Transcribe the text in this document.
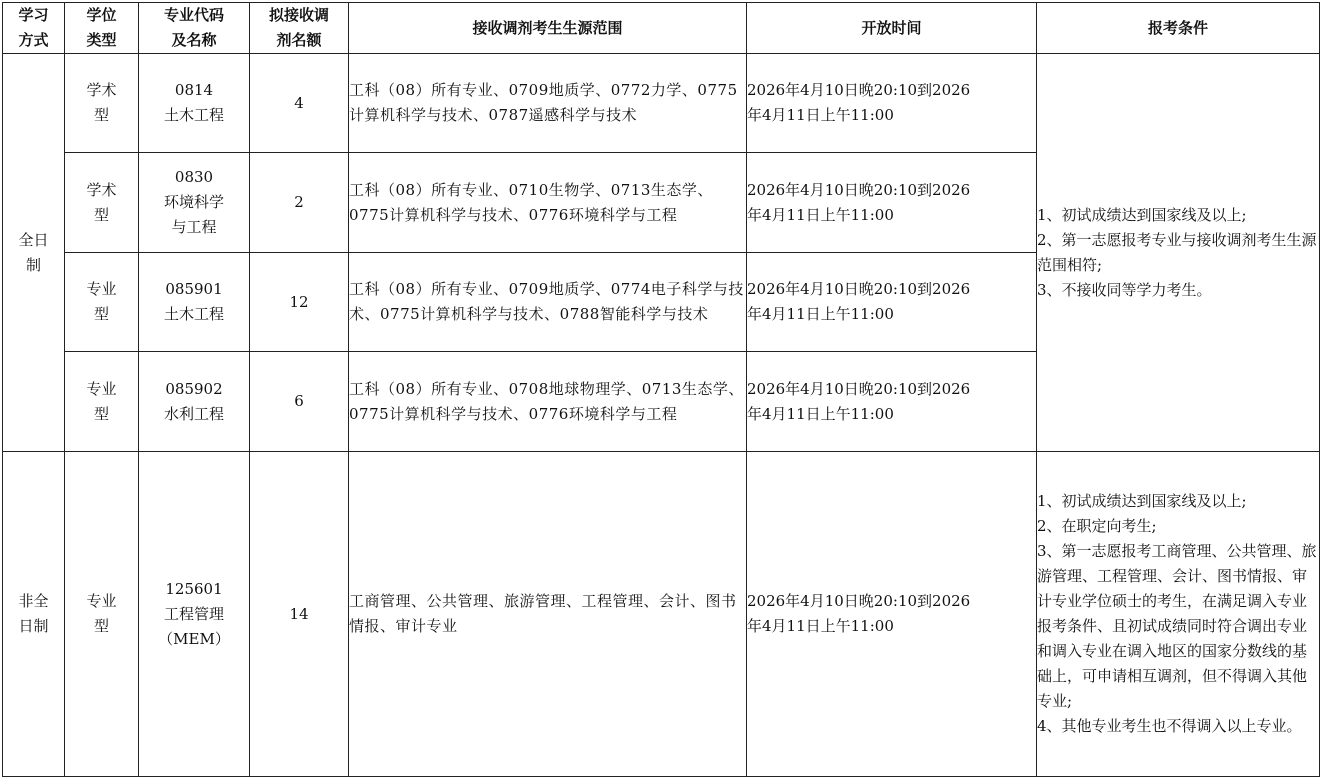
学习
方式	学位
类型	专业代码
及名称	拟接收调
剂名额	接收调剂考生生源范围	开放时间	报考条件

全日
制	学术
型	0814
土木工程	4	工科（08）所有专业、0709地质学、0772力学、0775计算机科学与技术、0787遥感科学与技术	2026年4月10日晚20:10到2026
年4月11日上午11:00	1、初试成绩达到国家线及以上;
2、第一志愿报考专业与接收调剂考生生源范围相符;
3、不接收同等学力考生。

	学术
型	0830
环境科学
与工程	2	工科（08）所有专业、0710生物学、0713生态学、0775计算机科学与技术、0776环境科学与工程	2026年4月10日晚20:10到2026
年4月11日上午11:00	

	专业
型	085901
土木工程	12	工科（08）所有专业、0709地质学、0774电子科学与技术、0775计算机科学与技术、0788智能科学与技术	2026年4月10日晚20:10到2026
年4月11日上午11:00	

	专业
型	085902
水利工程	6	工科（08）所有专业、0708地球物理学、0713生态学、0775计算机科学与技术、0776环境科学与工程	2026年4月10日晚20:10到2026
年4月11日上午11:00	

非全
日制	专业
型	125601
工程管理
（MEM）	14	工商管理、公共管理、旅游管理、工程管理、会计、图书情报、审计专业	2026年4月10日晚20:10到2026
年4月11日上午11:00	1、初试成绩达到国家线及以上;
2、在职定向考生;
3、第一志愿报考工商管理、公共管理、旅游管理、工程管理、会计、图书情报、审计专业学位硕士的考生，在满足调入专业报考条件、且初试成绩同时符合调出专业和调入专业在调入地区的国家分数线的基础上，可申请相互调剂，但不得调入其他专业;
4、其他专业考生也不得调入以上专业。
